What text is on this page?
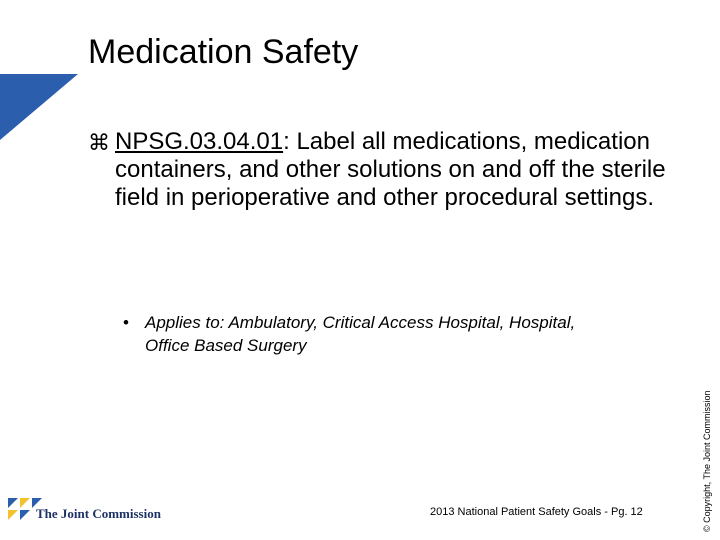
Medication Safety
⌘ NPSG.03.04.01: Label all medications, medication containers, and other solutions on and off the sterile field in perioperative and other procedural settings.
• Applies to: Ambulatory, Critical Access Hospital, Hospital, Office Based Surgery
The Joint Commission	2013 National Patient Safety Goals - Pg. 12	© Copyright, The Joint Commission
